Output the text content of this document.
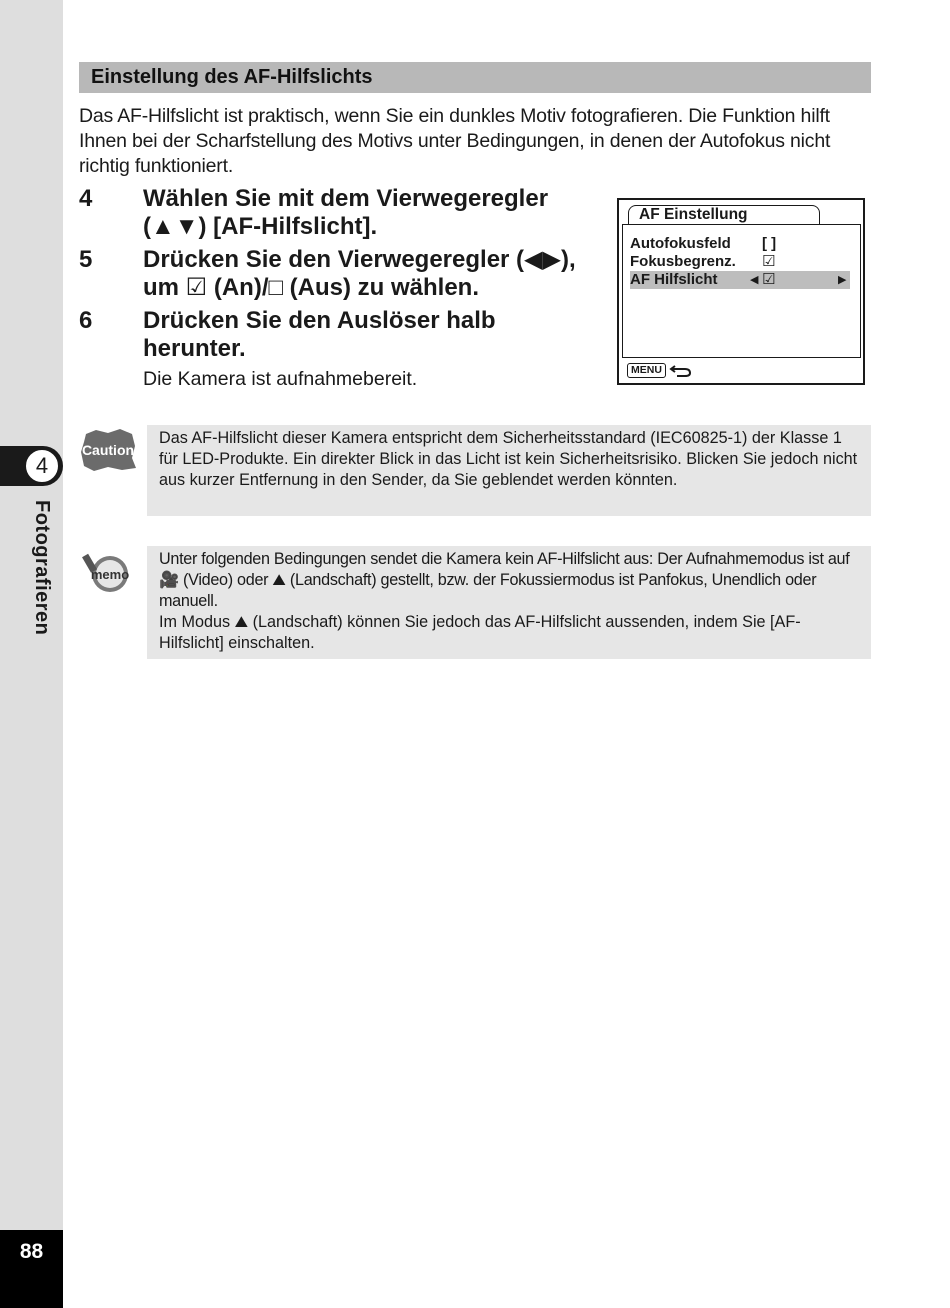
4
Fotografieren
88
Einstellung des AF-Hilfslichts
Das AF-Hilfslicht ist praktisch, wenn Sie ein dunkles Motiv fotografieren. Die Funktion hilft Ihnen bei der Scharfstellung des Motivs unter Bedingungen, in denen der Autofokus nicht richtig funktioniert.
4	Wählen Sie mit dem Vierwegeregler (▲▼) [AF-Hilfslicht].
5	Drücken Sie den Vierwegeregler (◀▶), um ☑ (An)/□ (Aus) zu wählen.
6	Drücken Sie den Auslöser halb herunter.
Die Kamera ist aufnahmebereit.
AF Einstellung
Autofokusfeld [ ]
Fokusbegrenz. ☑
AF Hilfslicht	◀ ☑	▶
MENU
Caution

Das AF-Hilfslicht dieser Kamera entspricht dem Sicherheitsstandard (IEC60825-1) der Klasse 1 für LED-Produkte. Ein direkter Blick in das Licht ist kein Sicherheitsrisiko. Blicken Sie jedoch nicht aus kurzer Entfernung in den Sender, da Sie geblendet werden könnten.

memo

Unter folgenden Bedingungen sendet die Kamera kein AF-Hilfslicht aus: Der Aufnahmemodus ist auf 🎥 (Video) oder ⛰ (Landschaft) gestellt, bzw. der Fokussiermodus ist Panfokus, Unendlich oder manuell.

Im Modus ⛰ (Landschaft) können Sie jedoch das AF-Hilfslicht aussenden, indem Sie [AF-Hilfslicht] einschalten.
